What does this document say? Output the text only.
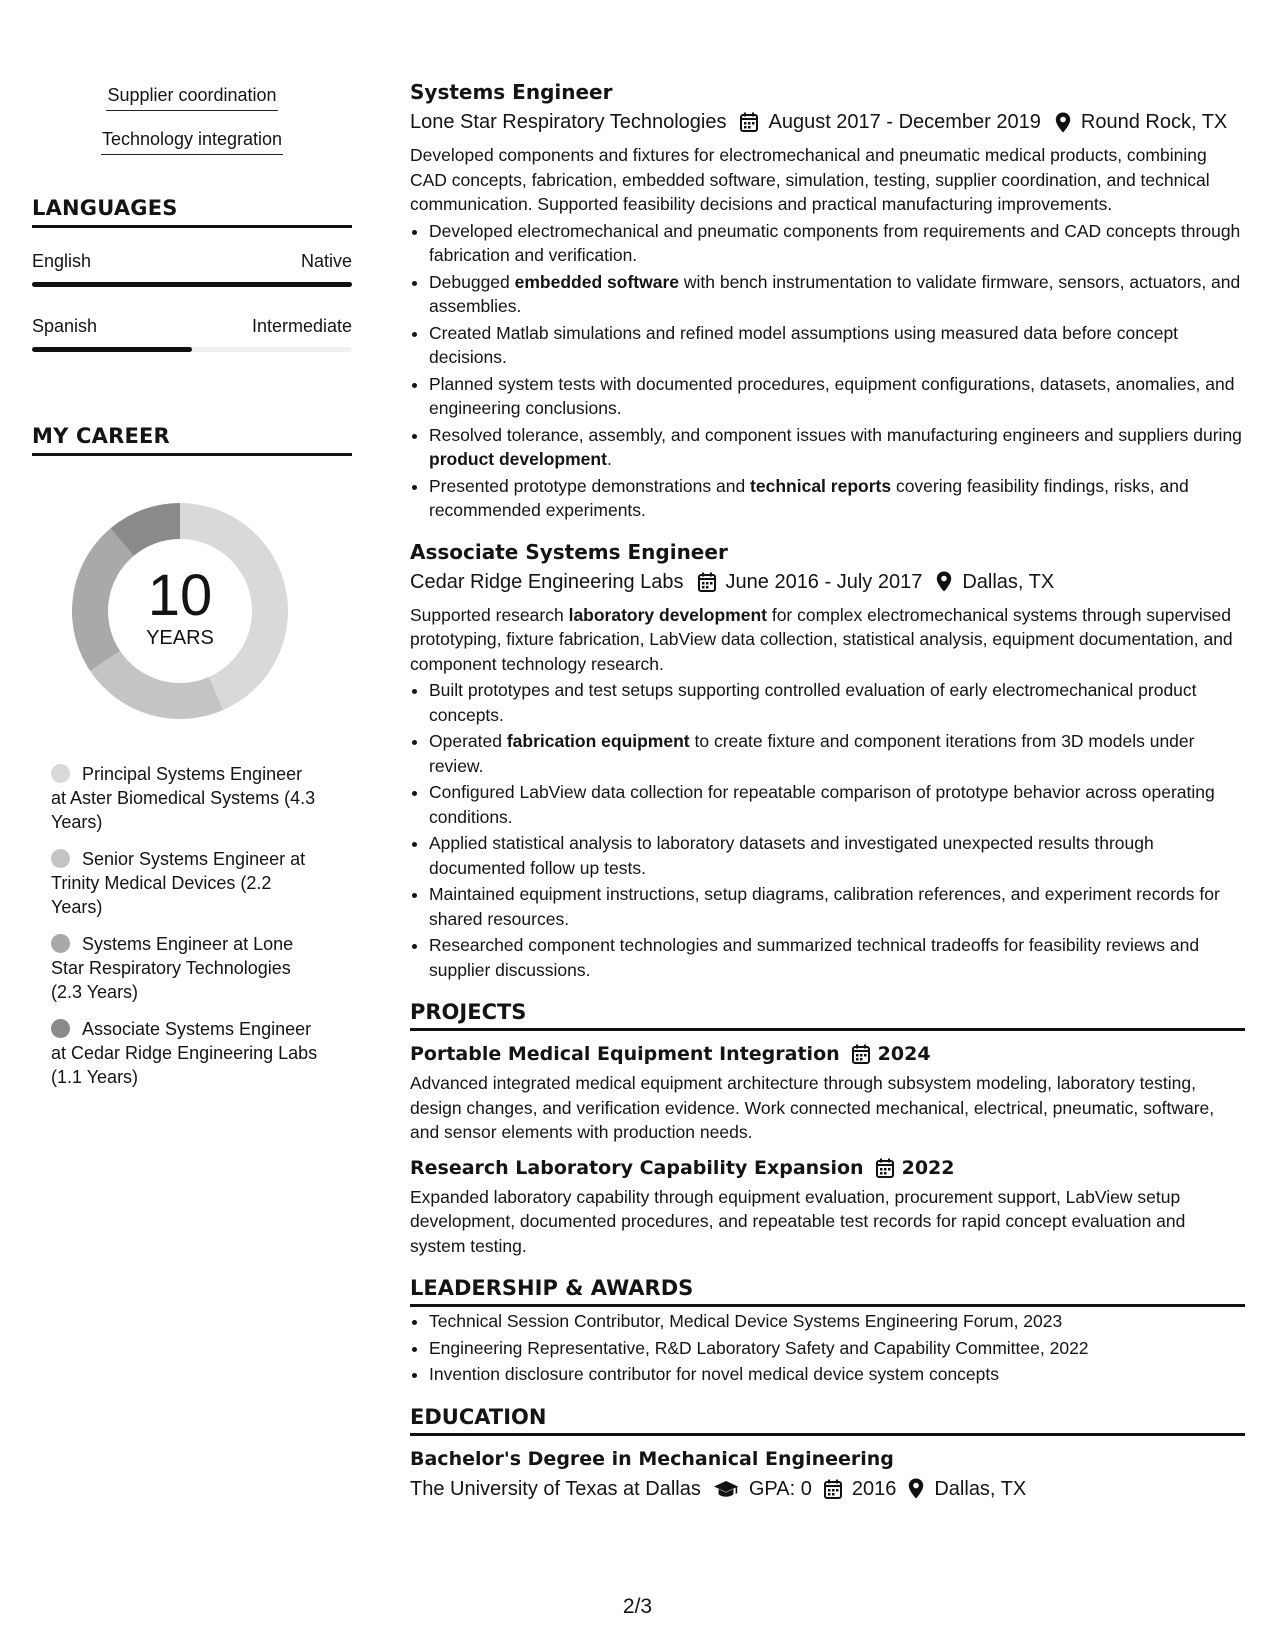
Supplier coordination
Technology integration
LANGUAGES
English	Native
Spanish	Intermediate
MY CAREER
10
YEARS
Principal Systems Engineer at Aster Biomedical Systems (4.3 Years)
Senior Systems Engineer at Trinity Medical Devices (2.2 Years)
Systems Engineer at Lone Star Respiratory Technologies (2.3 Years)
Associate Systems Engineer at Cedar Ridge Engineering Labs (1.1 Years)
Systems Engineer
Lone Star Respiratory Technologies August 2017 - December 2019 Round Rock, TX
Developed components and fixtures for electromechanical and pneumatic medical products, combining CAD concepts, fabrication, embedded software, simulation, testing, supplier coordination, and technical communication. Supported feasibility decisions and practical manufacturing improvements.
• Developed electromechanical and pneumatic components from requirements and CAD concepts through fabrication and verification.
• Debugged embedded software with bench instrumentation to validate firmware, sensors, actuators, and assemblies.
• Created Matlab simulations and refined model assumptions using measured data before concept decisions.
• Planned system tests with documented procedures, equipment configurations, datasets, anomalies, and engineering conclusions.
• Resolved tolerance, assembly, and component issues with manufacturing engineers and suppliers during product development.
• Presented prototype demonstrations and technical reports covering feasibility findings, risks, and recommended experiments.
Associate Systems Engineer
Cedar Ridge Engineering Labs June 2016 - July 2017 Dallas, TX
Supported research laboratory development for complex electromechanical systems through supervised prototyping, fixture fabrication, LabView data collection, statistical analysis, equipment documentation, and component technology research.
• Built prototypes and test setups supporting controlled evaluation of early electromechanical product concepts.
• Operated fabrication equipment to create fixture and component iterations from 3D models under review.
• Configured LabView data collection for repeatable comparison of prototype behavior across operating conditions.
• Applied statistical analysis to laboratory datasets and investigated unexpected results through documented follow up tests.
• Maintained equipment instructions, setup diagrams, calibration references, and experiment records for shared resources.
• Researched component technologies and summarized technical tradeoffs for feasibility reviews and supplier discussions.
PROJECTS
Portable Medical Equipment Integration 2024
Advanced integrated medical equipment architecture through subsystem modeling, laboratory testing, design changes, and verification evidence. Work connected mechanical, electrical, pneumatic, software, and sensor elements with production needs.
Research Laboratory Capability Expansion 2022
Expanded laboratory capability through equipment evaluation, procurement support, LabView setup development, documented procedures, and repeatable test records for rapid concept evaluation and system testing.
LEADERSHIP & AWARDS
• Technical Session Contributor, Medical Device Systems Engineering Forum, 2023
• Engineering Representative, R&D Laboratory Safety and Capability Committee, 2022
• Invention disclosure contributor for novel medical device system concepts
EDUCATION
Bachelor's Degree in Mechanical Engineering
The University of Texas at Dallas GPA: 0 2016 Dallas, TX
2/3
